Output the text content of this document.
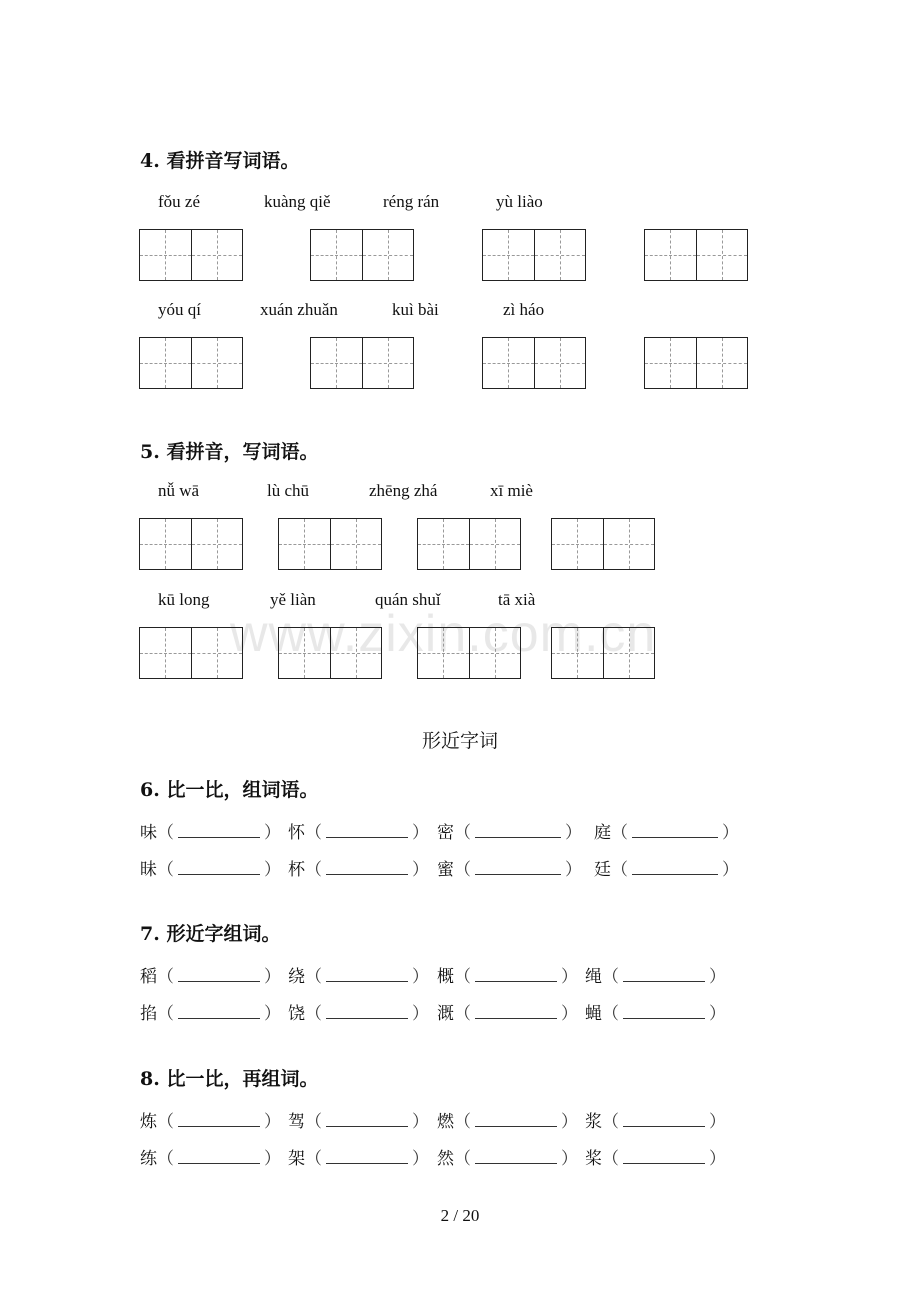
www.zixin.com.cn
4. 看拼音写词语。
fǒu zé	kuàng qiě	réng rán	yù liào
yóu qí	xuán zhuǎn	kuì bài	zì háo
5. 看拼音，写词语。
nǚ wā	lù chū	zhēng zhá	xī miè
kū long	yě liàn	quán shuǐ	tā xià
形近字词
6. 比一比，组词语。
味（	） 怀（	） 密（	） 庭（	）
昧（	） 杯（	） 蜜（	） 廷（	）
7. 形近字组词。
稻（	） 绕（	） 概（	） 绳（	）
掐（	） 饶（	） 溉（	） 蝇（	）
8. 比一比，再组词。
炼（	） 驾（	） 燃（	） 浆（	）
练（	） 架（	） 然（	） 桨（	）
2 / 20
